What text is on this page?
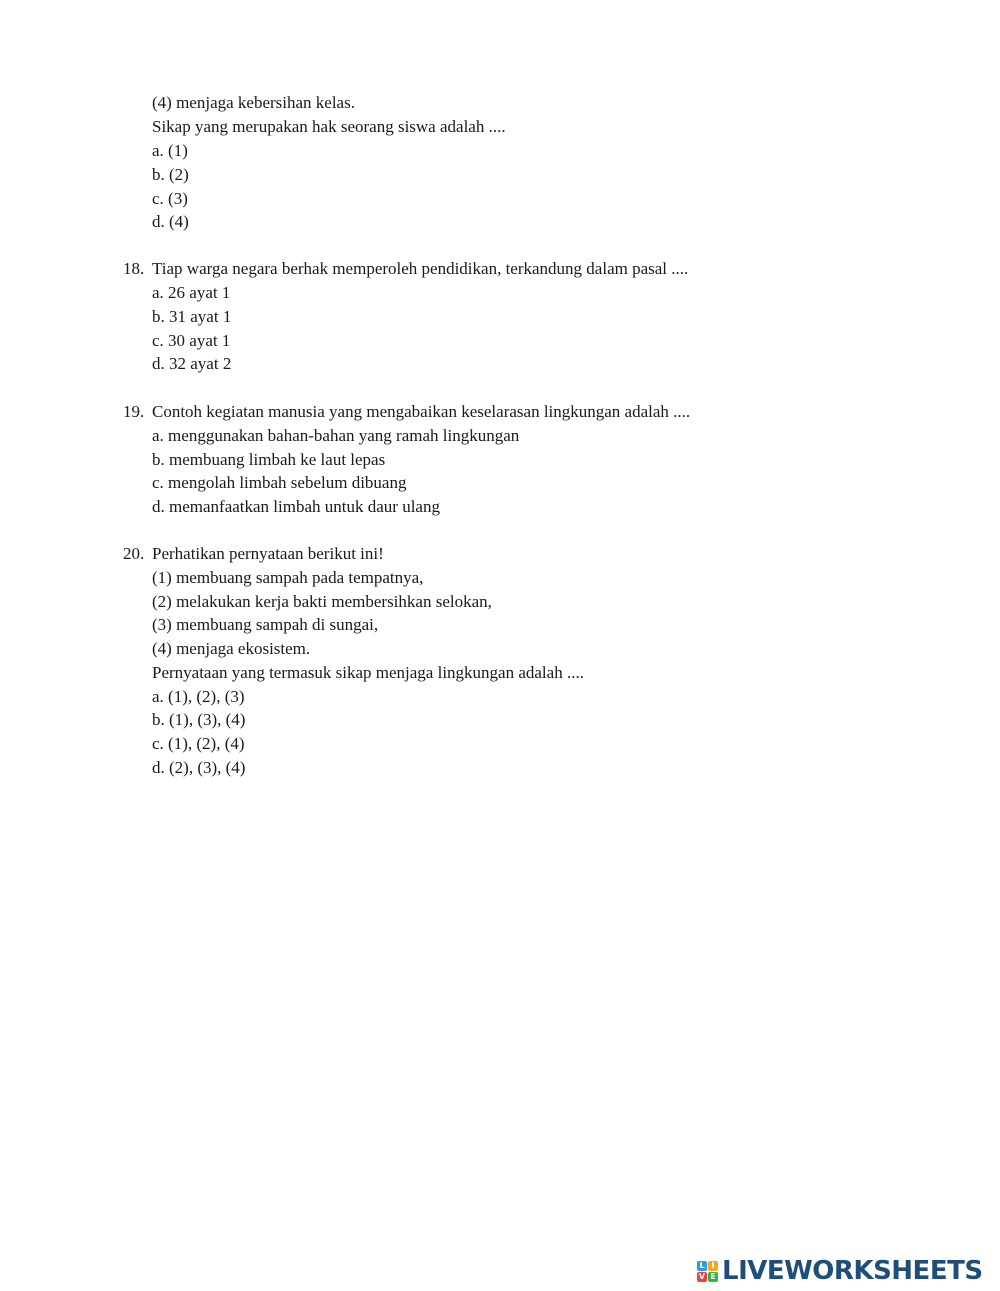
(4) menjaga kebersihan kelas.
Sikap yang merupakan hak seorang siswa adalah ....
a. (1)
b. (2)
c. (3)
d. (4)
18. Tiap warga negara berhak memperoleh pendidikan, terkandung dalam pasal ....
a. 26 ayat 1
b. 31 ayat 1
c. 30 ayat 1
d. 32 ayat 2
19. Contoh kegiatan manusia yang mengabaikan keselarasan lingkungan adalah ....
a. menggunakan bahan-bahan yang ramah lingkungan
b. membuang limbah ke laut lepas
c. mengolah limbah sebelum dibuang
d. memanfaatkan limbah untuk daur ulang
20. Perhatikan pernyataan berikut ini!
(1) membuang sampah pada tempatnya,
(2) melakukan kerja bakti membersihkan selokan,
(3) membuang sampah di sungai,
(4) menjaga ekosistem.
Pernyataan yang termasuk sikap menjaga lingkungan adalah ....
a. (1), (2), (3)
b. (1), (3), (4)
c. (1), (2), (4)
d. (2), (3), (4)
L I
V E LIVEWORKSHEETS
